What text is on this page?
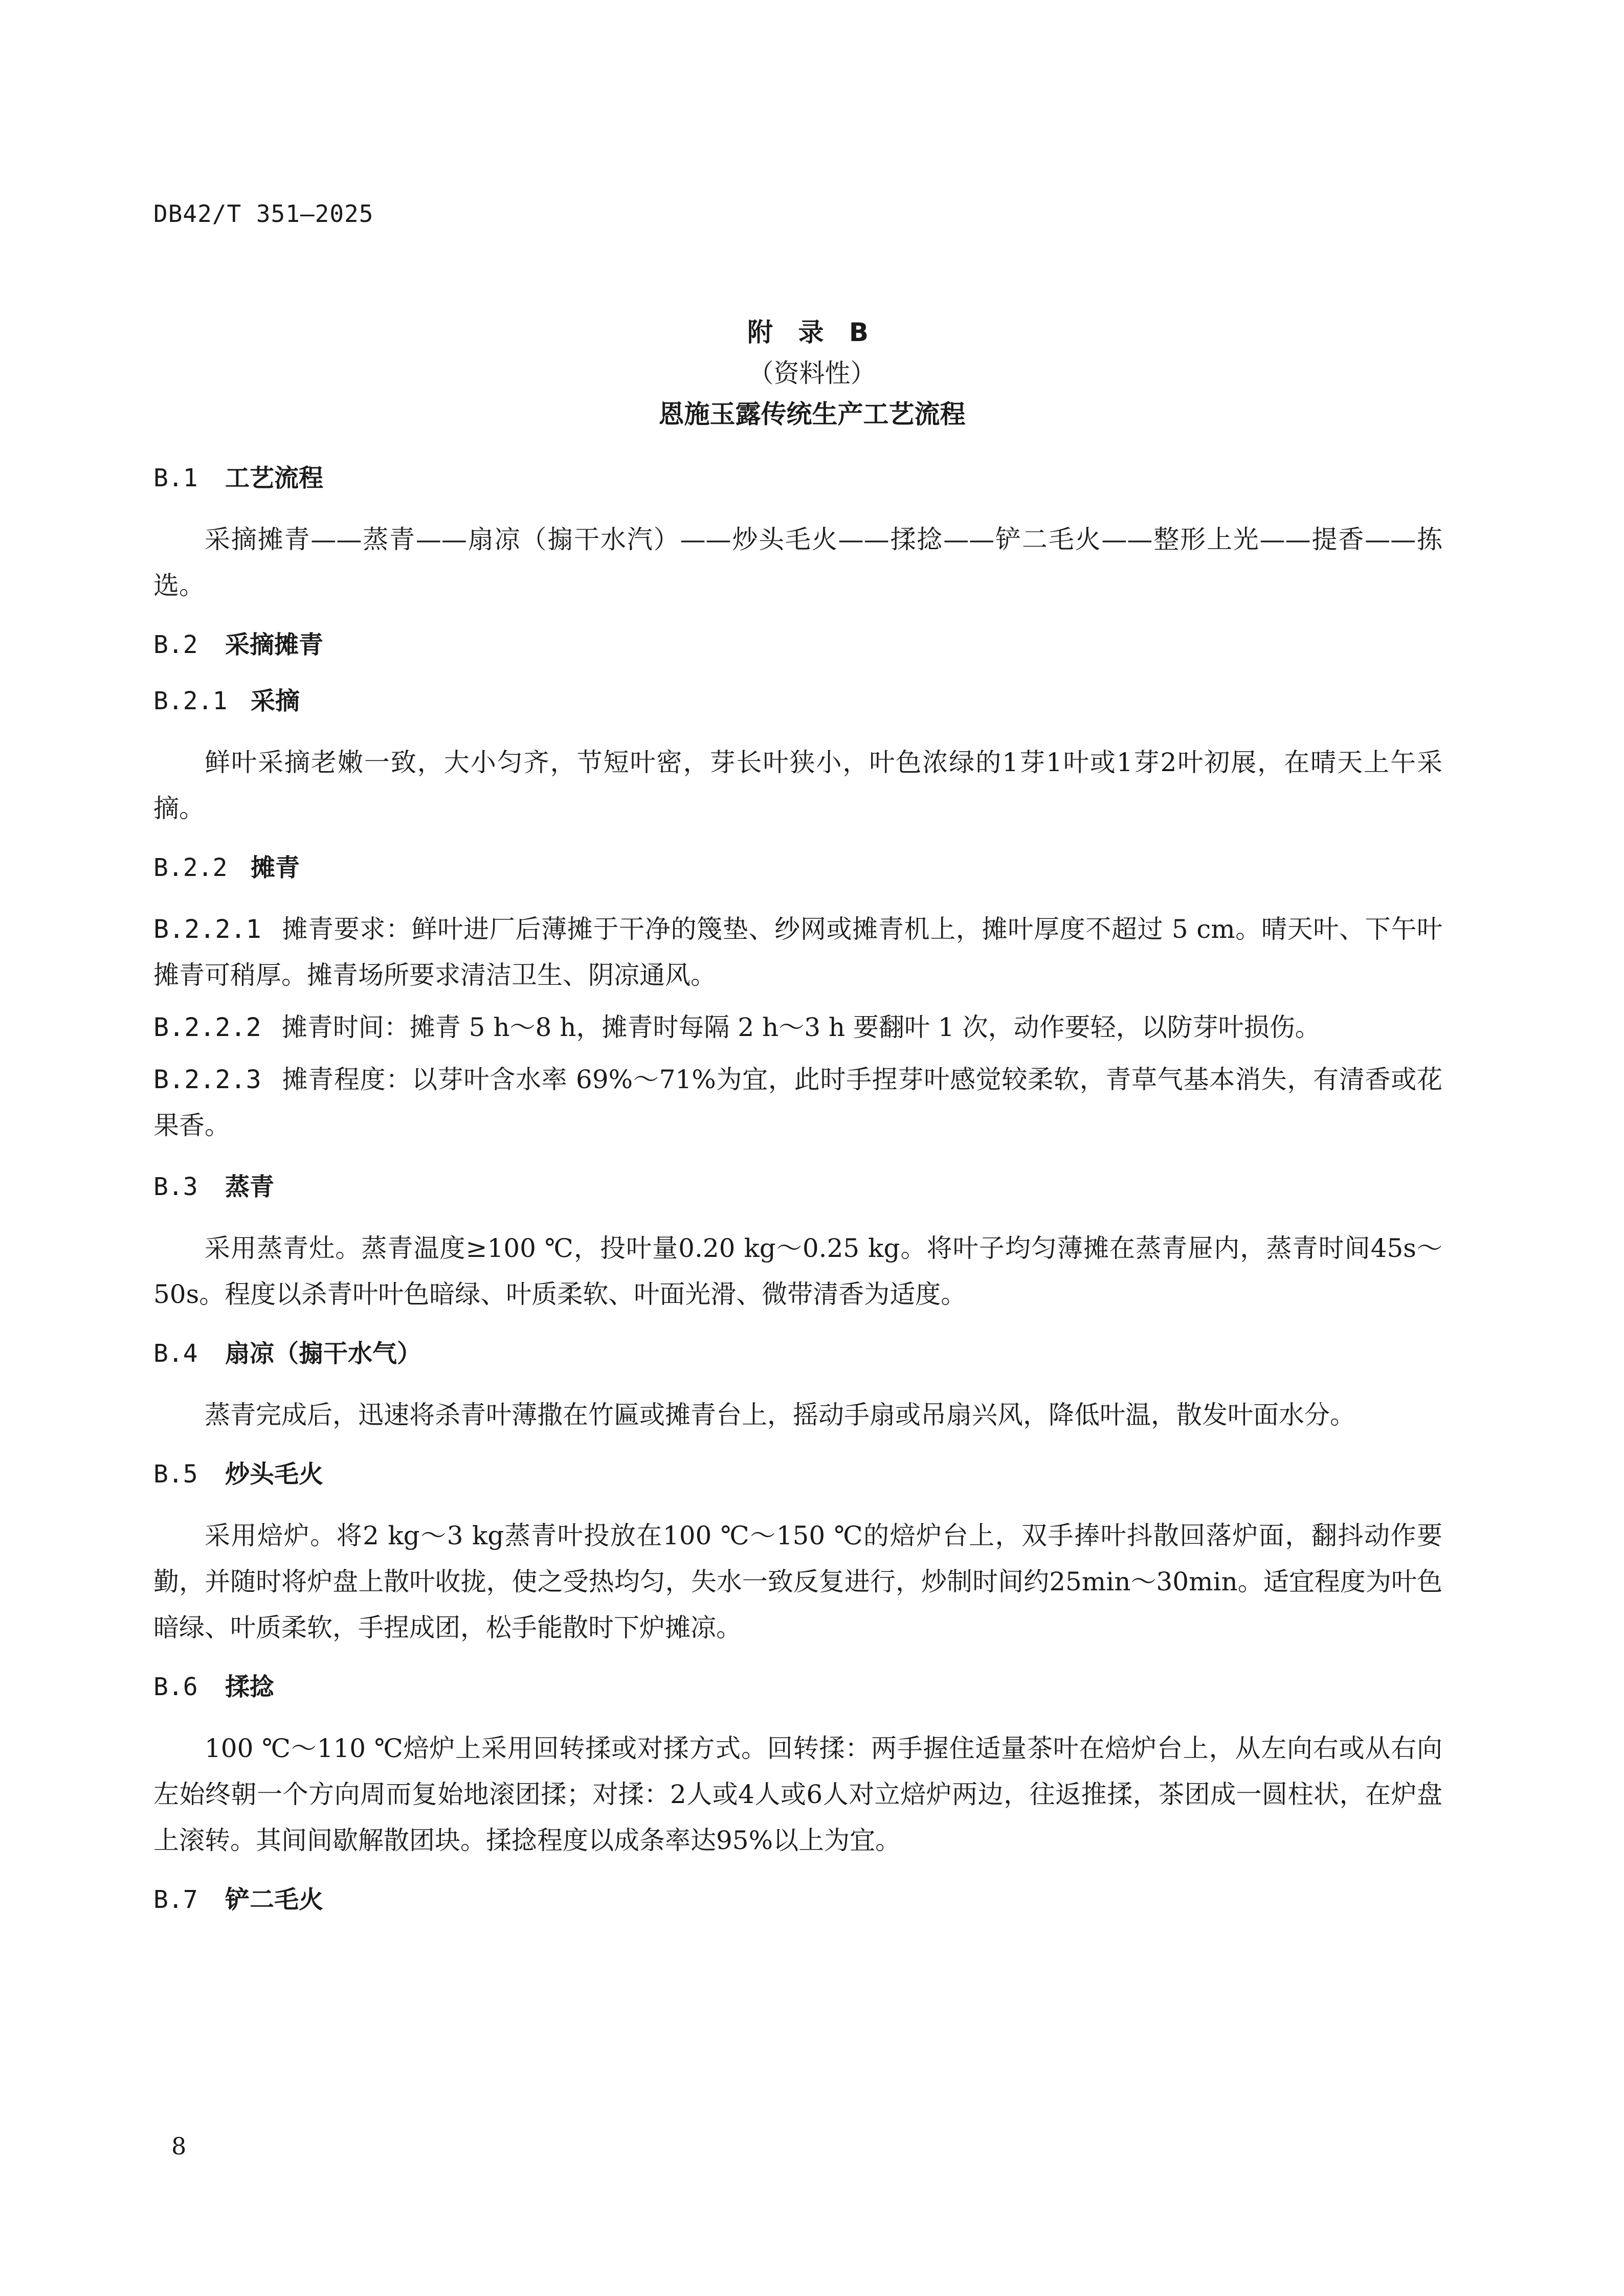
DB42/T 351—2025
附 录 B
（资料性）
恩施玉露传统生产工艺流程
B.1 工艺流程

采摘摊青——蒸青——扇凉（搧干水汽）——炒头毛火——揉捻——铲二毛火——整形上光——提香——拣选。

B.2 采摘摊青
B.2.1 采摘

鲜叶采摘老嫩一致，大小匀齐，节短叶密，芽长叶狭小，叶色浓绿的1芽1叶或1芽2叶初展，在晴天上午采摘。

B.2.2 摊青

B.2.2.1 摊青要求：鲜叶进厂后薄摊于干净的篾垫、纱网或摊青机上，摊叶厚度不超过 5 cm。晴天叶、下午叶摊青可稍厚。摊青场所要求清洁卫生、阴凉通风。

B.2.2.2 摊青时间：摊青 5 h～8 h，摊青时每隔 2 h～3 h 要翻叶 1 次，动作要轻，以防芽叶损伤。

B.2.2.3 摊青程度：以芽叶含水率 69%～71%为宜，此时手捏芽叶感觉较柔软，青草气基本消失，有清香或花果香。

B.3 蒸青

采用蒸青灶。蒸青温度≥100 ℃，投叶量0.20 kg～0.25 kg。将叶子均匀薄摊在蒸青屉内，蒸青时间45s～50s。程度以杀青叶叶色暗绿、叶质柔软、叶面光滑、微带清香为适度。

B.4 扇凉（搧干水气）

蒸青完成后，迅速将杀青叶薄撒在竹匾或摊青台上，摇动手扇或吊扇兴风，降低叶温，散发叶面水分。

B.5 炒头毛火

采用焙炉。将2 kg～3 kg蒸青叶投放在100 ℃～150 ℃的焙炉台上，双手捧叶抖散回落炉面，翻抖动作要勤，并随时将炉盘上散叶收拢，使之受热均匀，失水一致反复进行，炒制时间约25min～30min。适宜程度为叶色暗绿、叶质柔软，手捏成团，松手能散时下炉摊凉。

B.6 揉捻

100 ℃～110 ℃焙炉上采用回转揉或对揉方式。回转揉：两手握住适量茶叶在焙炉台上，从左向右或从右向左始终朝一个方向周而复始地滚团揉；对揉：2人或4人或6人对立焙炉两边，往返推揉，茶团成一圆柱状，在炉盘上滚转。其间间歇解散团块。揉捻程度以成条率达95%以上为宜。

B.7 铲二毛火
8
